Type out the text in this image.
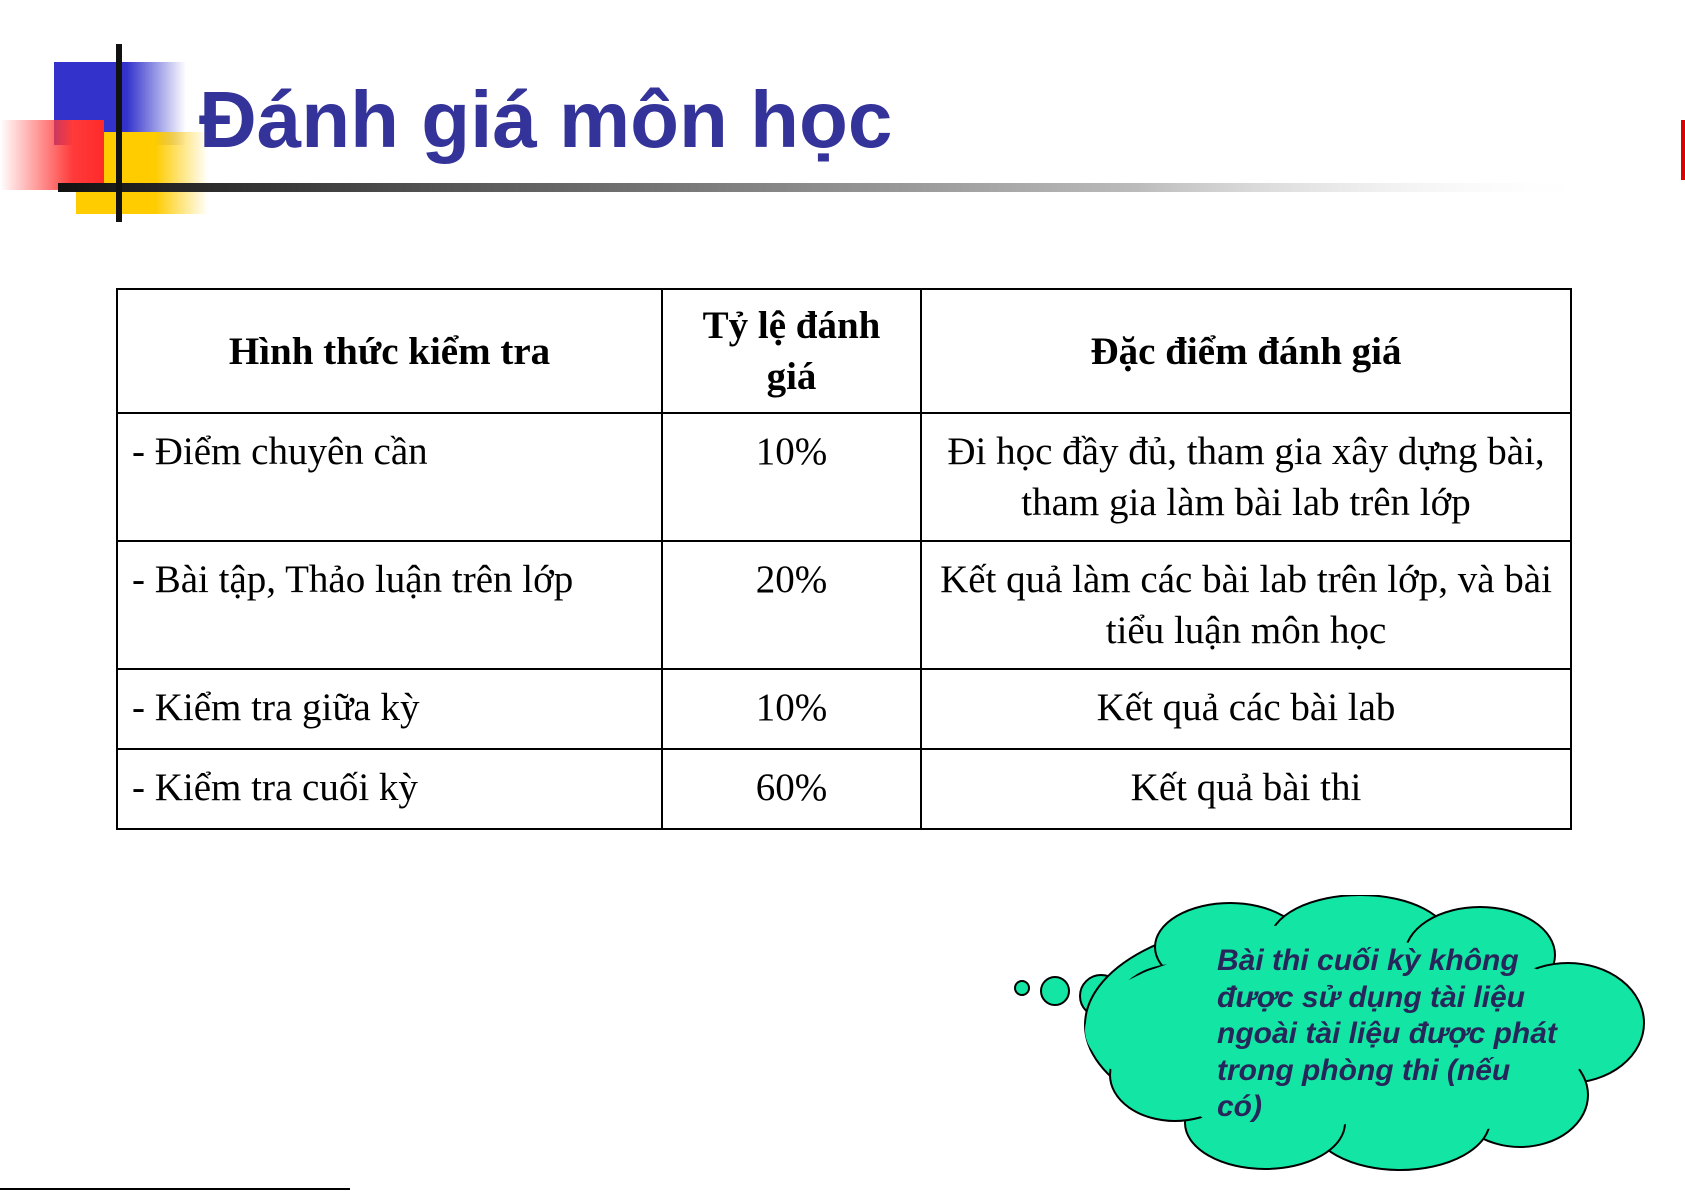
Đánh giá môn học
Hình thức kiểm tra	Tỷ lệ đánh giá	Đặc điểm đánh giá
- Điểm chuyên cần	10%	Đi học đầy đủ, tham gia xây dựng bài, tham gia làm bài lab trên lớp
- Bài tập, Thảo luận trên lớp	20%	Kết quả làm các bài lab trên lớp, và bài tiểu luận môn học
- Kiểm tra giữa kỳ	10%	Kết quả các bài lab
- Kiểm tra cuối kỳ	60%	Kết quả bài thi

Bài thi cuối kỳ không được sử dụng tài liệu ngoài tài liệu được phát trong phòng thi (nếu có)
